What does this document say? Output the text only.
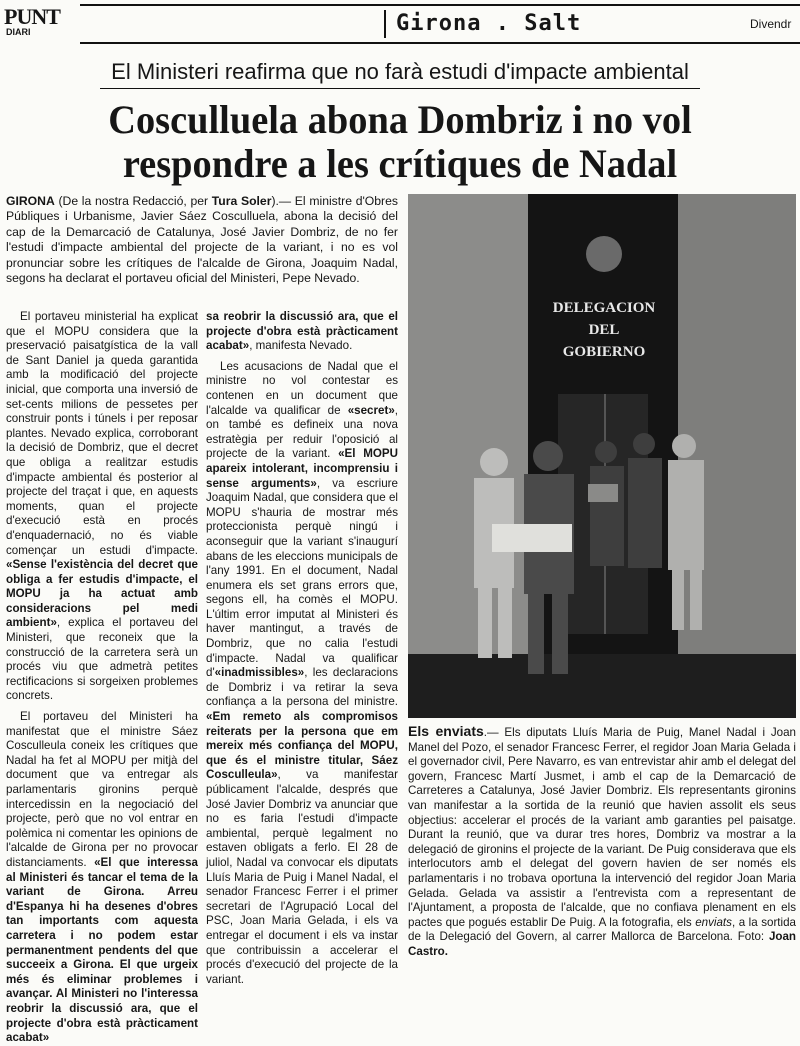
PUNT
DIARI	Girona . Salt	Divendr
El Ministeri reafirma que no farà estudi d'impacte ambiental
Cosculluela abona Dombriz i no vol
respondre a les crítiques de Nadal
GIRONA (De la nostra Redacció, per Tura Soler).— El ministre d'Obres Públiques i Urbanisme, Javier Sáez Cosculluela, abona la decisió del cap de la Demarcació de Catalunya, José Javier Dombriz, de no fer l'estudi d'impacte ambiental del projecte de la variant, i no es vol pronunciar sobre les crítiques de l'alcalde de Girona, Joaquim Nadal, segons ha declarat el portaveu oficial del Ministeri, Pepe Nevado.

El portaveu ministerial ha explicat que el MOPU considera que la preservació paisatgística de la vall de Sant Daniel ja queda garantida amb la modificació del projecte inicial, que comporta una inversió de set-cents milions de pessetes per construir ponts i túnels i per reposar plantes. Nevado explica, corroborant la decisió de Dombriz, que el decret que obliga a realitzar estudis d'impacte ambiental és posterior al projecte del traçat i que, en aquests moments, quan el projecte d'execució està en procés d'enquadernació, no és viable començar un estudi d'impacte. «Sense l'existència del decret que obliga a fer estudis d'impacte, el MOPU ja ha actuat amb consideracions pel medi ambient», explica el portaveu del Ministeri, que reconeix que la construcció de la carretera serà un procés viu que admetrà petites rectificacions si sorgeixen problemes concrets.

El portaveu del Ministeri ha manifestat que el ministre Sáez Cosculleula coneix les crítiques que Nadal ha fet al MOPU per mitjà del document que va entregar als parlamentaris gironins perquè intercedissin en la negociació del projecte, però que no vol entrar en polèmica ni comentar les opinions de l'alcalde de Girona per no provocar distanciaments. «El que interessa al Ministeri és tancar el tema de la variant de Girona. Arreu d'Espanya hi ha desenes d'obres tan importants com aquesta carretera i no podem estar permanentment pendents del que succeeix a Girona. El que urgeix més és eliminar problemes i avançar. Al Ministeri no l'interessa reobrir la discussió ara, que el projecte d'obra està pràcticament acabat»

sa reobrir la discussió ara, que el projecte d'obra està pràcticament acabat», manifesta Nevado.

Les acusacions de Nadal que el ministre no vol contestar es contenen en un document que l'alcalde va qualificar de «secret», on també es defineix una nova estratègia per reduir l'oposició al projecte de la variant. «El MOPU apareix intolerant, incomprensiu i sense arguments», va escriure Joaquim Nadal, que considera que el MOPU s'hauria de mostrar més proteccionista perquè ningú i aconseguir que la variant s'inaugurí abans de les eleccions municipals de l'any 1991. En el document, Nadal enumera els set grans errors que, segons ell, ha comès el MOPU. L'últim error imputat al Ministeri és haver mantingut, a través de Dombriz, que no calia l'estudi d'impacte. Nadal va qualificar d'«inadmissibles», les declaracions de Dombriz i va retirar la seva confiança a la persona del ministre. «Em remeto als compromisos reiterats per la persona que em mereix més confiança del MOPU, que és el ministre titular, Sáez Cosculleula», va manifestar públicament l'alcalde, després que José Javier Dombriz va anunciar que no es faria l'estudi d'impacte ambiental, perquè legalment no estaven obligats a ferlo. El 28 de juliol, Nadal va convocar els diputats Lluís Maria de Puig i Manel Nadal, el senador Francesc Ferrer i el primer secretari de l'Agrupació Local del PSC, Joan Maria Gelada, i els va entregar el document i els va instar que contribuissin a accelerar el procés d'execució del projecte de la variant.

DELEGACION
DEL
GOBIERNO
Els enviats.— Els diputats Lluís Maria de Puig, Manel Nadal i Joan Manel del Pozo, el senador Francesc Ferrer, el regidor Joan Maria Gelada i el governador civil, Pere Navarro, es van entrevistar ahir amb el delegat del govern, Francesc Martí Jusmet, i amb el cap de la Demarcació de Carreteres a Catalunya, José Javier Dombriz. Els representants gironins van manifestar a la sortida de la reunió que havien assolit els seus objectius: accelerar el procés de la variant amb garanties pel paisatge. Durant la reunió, que va durar tres hores, Dombriz va mostrar a la delegació de gironins el projecte de la variant. De Puig considerava que els interlocutors amb el delegat del govern havien de ser només els parlamentaris i no trobava oportuna la intervenció del regidor Joan Maria Gelada. Gelada va assistir a l'entrevista com a representant de l'Ajuntament, a proposta de l'alcalde, que no confiava plenament en els pactes que pogués establir De Puig. A la fotografia, els enviats, a la sortida de la Delegació del Govern, al carrer Mallorca de Barcelona. Foto: Joan Castro.
